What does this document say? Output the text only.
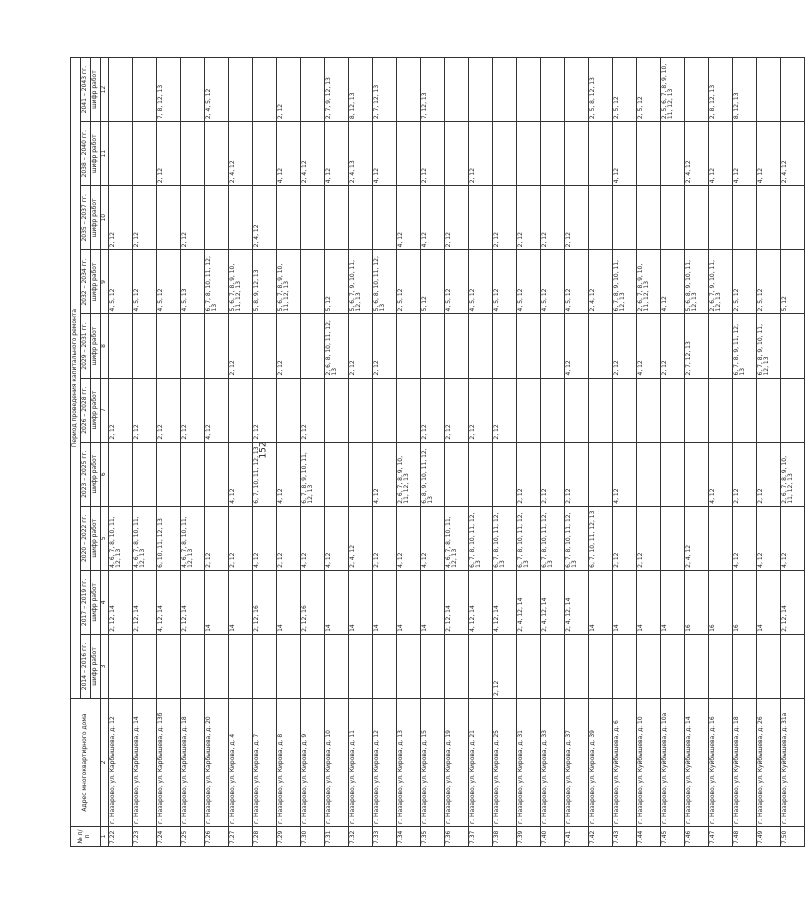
152
№ п/п	Адрес многоквартирного дома	Период проведения капитального ремонта									
		2014 – 2016 гг.	2017 – 2019 гг.	2020 – 2022 гг.	2023 – 2025 гг.	2026 – 2028 гг.	2029 – 2031 гг.	2032 – 2034 гг.	2035 – 2037 гг.	2038 – 2040 гг.	2041 – 2043 гг.
		шифр работ	шифр работ	шифр работ	шифр работ	шифр работ	шифр работ	шифр работ	шифр работ	шифр работ	шифр работ
1	2	3	4	5	6	7	8	9	10	11	12
7.22	г. Назарово, ул. Карбышева, д. 12		2, 12, 14	4, 6, 7, 8, 10, 11, 12, 13		2, 12		4, 5, 12	2, 12		
7.23	г. Назарово, ул. Карбышева, д. 14		2, 12, 14	4, 6, 7, 8, 10, 11, 12, 13		2, 12		4, 5, 12	2, 12		
7.24	г. Назарово, ул. Карбышева, д. 13б		4, 12, 14	6, 10, 11, 12, 13		2, 12		4, 5, 12		2, 12	7, 8, 12, 13
7.25	г. Назарово, ул. Карбышева, д. 18		2, 12, 14	4, 6, 7, 8, 10, 11, 12, 13		2, 12		4, 5, 13	2, 12		
7.26	г. Назарово, ул. Карбышева, д. 20		14	2, 12		4, 12		6, 7, 8, 10, 11, 12, 13			2, 4, 5, 12
7.27	г. Назарово, ул. Кирова, д. 4		14	2, 12	4, 12		2, 12	5, 6, 7, 8, 9, 10, 11, 12, 13		2, 4, 12	
7.28	г. Назарово, ул. Кирова, д. 7		2, 12, 16	4, 12	6, 7, 10, 11, 12, 13	2, 12		5, 8, 9, 12, 13	2, 4, 12		
7.29	г. Назарово, ул. Кирова, д. 8		14	2, 12	4, 12		2, 12	5, 6, 7, 8, 9, 10, 11, 12, 13		4, 12	2, 12
7.30	г. Назарово, ул. Кирова, д. 9		2, 12, 16	4, 12	6, 7, 8, 9, 10, 11, 12, 13	2, 12				2, 4, 12	
7.31	г. Назарово, ул. Кирова, д. 10		14	4, 12			2, 6, 8, 10, 11, 12, 13	5, 12		4, 12	2, 7, 9, 12, 13
7.32	г. Назарово, ул. Кирова, д. 11		14	2, 4, 12			2, 12	5, 6, 7, 9, 10, 11, 12, 13		2, 4, 13	8, 12, 13
7.33	г. Назарово, ул. Кирова, д. 12		14	2, 12	4, 12		2, 12	5, 6, 8, 10, 11, 12, 13		4, 12	2, 7, 12, 13
7.34	г. Назарово, ул. Кирова, д. 13		14	4, 12	2, 6, 7, 8, 9, 10, 11, 12, 13			2, 5, 12	4, 12		
7.35	г. Назарово, ул. Кирова, д. 15		14	4, 12	6, 8, 9, 10, 11, 12, 13	2, 12		5, 12	4, 12	2, 12	7, 12, 13
7.36	г. Назарово, ул. Кирова, д. 19		2, 12, 14	4, 6, 7, 8, 10, 11, 12, 13		2, 12		4, 5, 12	2, 12		
7.37	г. Назарово, ул. Кирова, д. 21		4, 12, 14	6, 7, 8, 10, 11, 12, 13		2, 12		4, 5, 12		2, 12	
7.38	г. Назарово, ул. Кирова, д. 25	2, 12	4, 12, 14	6, 7, 8, 10, 11, 12, 13		2, 12		4, 5, 12	2, 12		
7.39	г. Назарово, ул. Кирова, д. 31		2, 4, 12, 14	6, 7, 8, 10, 11, 12, 13	2, 12			4, 5, 12	2, 12		
7.40	г. Назарово, ул. Кирова, д. 33		2, 4, 12, 14	6, 7, 8, 10, 11, 12, 13	2, 12			4, 5, 12	2, 12		
7.41	г. Назарово, ул. Кирова, д. 37		2, 4, 12, 14	6, 7, 8, 10, 11, 12, 13	2, 12		4, 12	4, 5, 12	2, 12		
7.42	г. Назарово, ул. Кирова, д. 39		14	6, 7, 10, 11, 12, 13				2, 4, 12			2, 5, 8, 12, 13
7.43	г. Назарово, ул. Куйбышева, д. 6		14	2, 12	4, 12		2, 12	6, 7, 8, 9, 10, 11, 12, 13		4, 12	2, 5, 12
7.44	г. Назарово, ул. Куйбышева, д. 10		14	2, 12			4, 12	2, 6, 7, 8, 9, 10, 11, 12, 13			2, 5, 12
7.45	г. Назарово, ул. Куйбышева, д. 10а		14				2, 12	4, 12			2, 5, 6, 7, 8, 9, 10, 11, 12, 13
7.46	г. Назарово, ул. Куйбышева, д. 14		16	2, 4, 12			2, 7, 12, 13	5, 6, 8, 9, 10, 11, 12, 13		2, 4, 12	
7.47	г. Назарово, ул. Куйбышева, д. 16		16		4, 12			2, 6, 7, 9, 10, 11, 12, 13		4, 12	2, 8, 12, 13
7.48	г. Назарово, ул. Куйбышева, д. 18		16	4, 12	2, 12		6, 7, 8, 9, 11, 12, 13	2, 5, 12		4, 12	8, 12, 13
7.49	г. Назарово, ул. Куйбышева, д. 26		14	4, 12	2, 12		6, 7, 8, 9, 10, 11, 12, 13	2, 5, 12		4, 12	
7.50	г. Назарово, ул. Куйбышева, д. 31а		2, 12, 14	4, 12	2, 6, 7, 8, 9, 10, 11, 12, 13			5, 12		2, 4, 12	
